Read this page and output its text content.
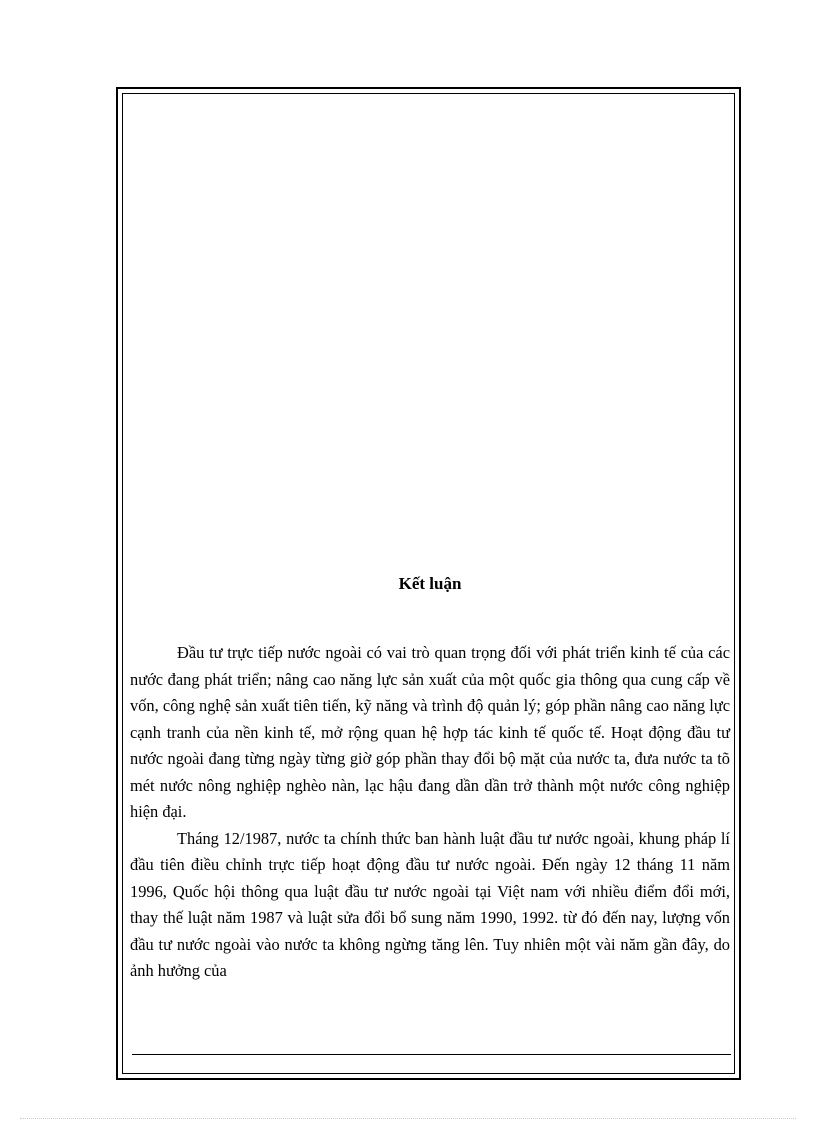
Kết luận

Đầu tư trực tiếp nước ngoài có vai trò quan trọng đối với phát triển kinh tế của các nước đang phát triển; nâng cao năng lực sản xuất của một quốc gia thông qua cung cấp về vốn, công nghệ sản xuất tiên tiến, kỹ năng và trình độ quản lý; góp phần nâng cao năng lực cạnh tranh của nền kinh tế, mở rộng quan hệ hợp tác kinh tế quốc tế. Hoạt động đầu tư nước ngoài đang từng ngày từng giờ góp phần thay đổi bộ mặt của nước ta, đưa nước ta tõ mét nước nông nghiệp nghèo nàn, lạc hậu đang dần dần trở thành một nước công nghiệp hiện đại.

Tháng 12/1987, nước ta chính thức ban hành luật đầu tư nước ngoài, khung pháp lí đầu tiên điều chỉnh trực tiếp hoạt động đầu tư nước ngoài. Đến ngày 12 tháng 11 năm 1996, Quốc hội thông qua luật đầu tư nước ngoài tại Việt nam với nhiều điểm đổi mới, thay thế luật năm 1987 và luật sửa đổi bổ sung năm 1990, 1992. từ đó đến nay, lượng vốn đầu tư nước ngoài vào nước ta không ngừng tăng lên. Tuy nhiên một vài năm gần đây, do ảnh hưởng của
